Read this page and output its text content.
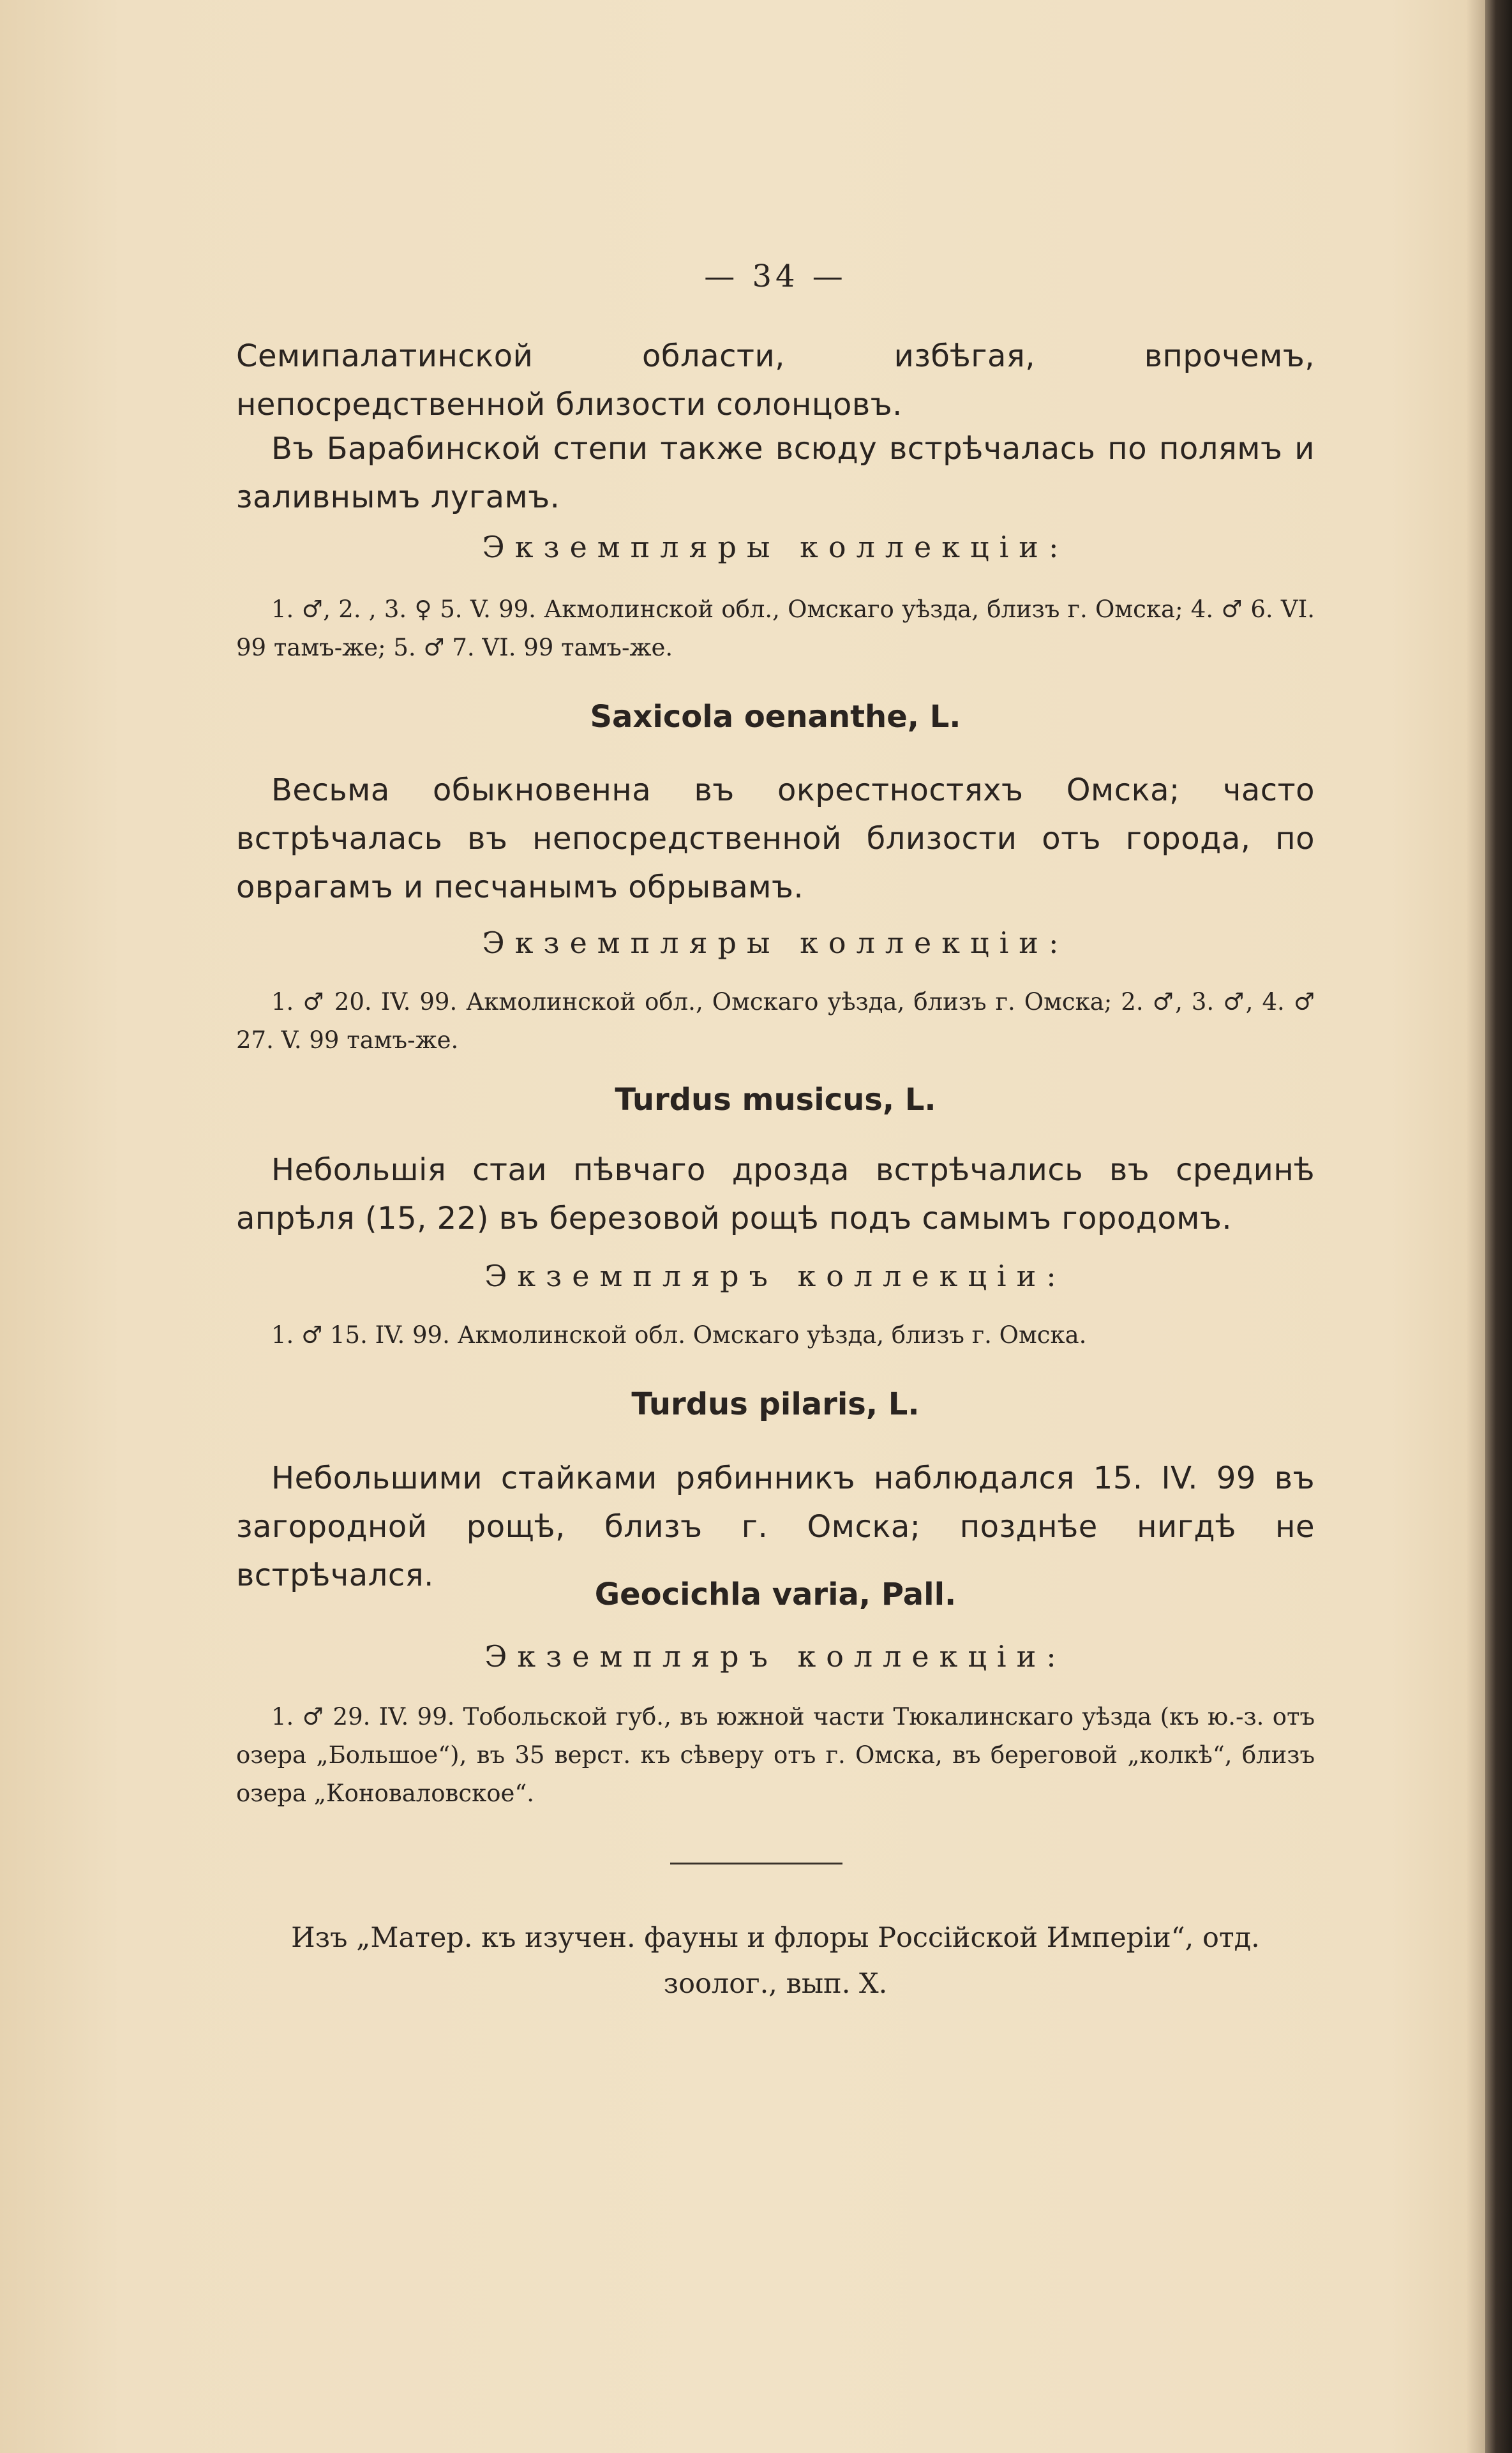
— 34 —
Семипалатинской области, избѣгая, впрочемъ, непосредственной близости солонцовъ.
Въ Барабинской степи также всюду встрѣчалась по полямъ и заливнымъ лугамъ.
Экземпляры коллекціи:
1. ♂, 2. , 3. ♀ 5. V. 99. Акмолинской обл., Омскаго уѣзда, близъ г. Омска; 4. ♂ 6. VI. 99 тамъ-же; 5. ♂ 7. VI. 99 тамъ-же.
Saxicola oenanthe, L.
Весьма обыкновенна въ окрестностяхъ Омска; часто встрѣчалась въ непосредственной близости отъ города, по оврагамъ и песчанымъ обрывамъ.
Экземпляры коллекціи:
1. ♂ 20. IV. 99. Акмолинской обл., Омскаго уѣзда, близъ г. Омска; 2. ♂, 3. ♂, 4. ♂ 27. V. 99 тамъ-же.
Turdus musicus, L.
Небольшія стаи пѣвчаго дрозда встрѣчались въ срединѣ апрѣля (15, 22) въ березовой рощѣ подъ самымъ городомъ.
Экземпляръ коллекціи:
1. ♂ 15. IV. 99. Акмолинской обл. Омскаго уѣзда, близъ г. Омска.
Turdus pilaris, L.
Небольшими стайками рябинникъ наблюдался 15. IV. 99 въ загородной рощѣ, близъ г. Омска; позднѣе нигдѣ не встрѣчался.
Geocichla varia, Pall.
Экземпляръ коллекціи:
1. ♂ 29. IV. 99. Тобольской губ., въ южной части Тюкалинскаго уѣзда (къ ю.-з. отъ озера „Большое“), въ 35 верст. къ сѣверу отъ г. Омска, въ береговой „колкѣ“, близъ озера „Коноваловское“.
Изъ „Матер. къ изучен. фауны и флоры Россійской Имперіи“, отд.
зоолог., вып. X.
